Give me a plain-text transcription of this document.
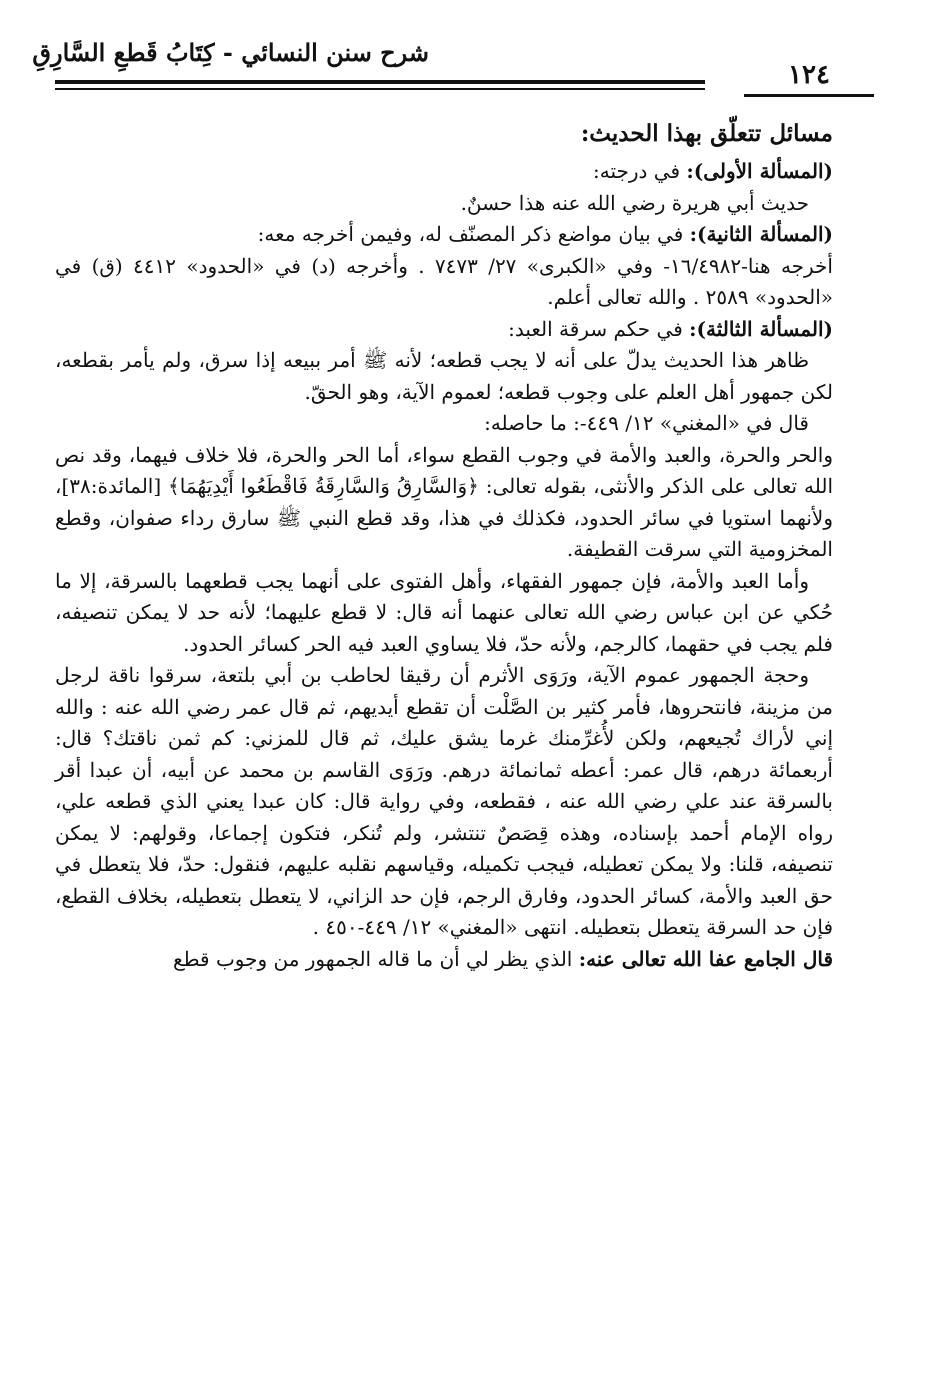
شرح سنن النسائي - كِتَابُ قَطعِ السَّارِقِ
١٢٤

مسائل تتعلّق بهذا الحديث:

(المسألة الأولى): في درجته:

حديث أبي هريرة رضي الله عنه هذا حسنٌ.

(المسألة الثانية): في بيان مواضع ذكر المصنّف له، وفيمن أخرجه معه:

أخرجه هنا-١٦/٤٩٨٢- وفي «الكبرى» ٢٧/ ٧٤٧٣ . وأخرجه (د) في «الحدود» ٤٤١٢ (ق) في «الحدود» ٢٥٨٩ . والله تعالى أعلم.

(المسألة الثالثة): في حكم سرقة العبد:

ظاهر هذا الحديث يدلّ على أنه لا يجب قطعه؛ لأنه ﷺ أمر ببيعه إذا سرق، ولم يأمر بقطعه، لكن جمهور أهل العلم على وجوب قطعه؛ لعموم الآية، وهو الحقّ.

قال في «المغني» ١٢/ ٤٤٩-: ما حاصله:

والحر والحرة، والعبد والأمة في وجوب القطع سواء، أما الحر والحرة، فلا خلاف فيهما، وقد نص الله تعالى على الذكر والأنثى، بقوله تعالى: ﴿وَالسَّارِقُ وَالسَّارِقَةُ فَاقْطَعُوا أَيْدِيَهُمَا﴾ [المائدة:٣٨]، ولأنهما استويا في سائر الحدود، فكذلك في هذا، وقد قطع النبي ﷺ سارق رداء صفوان، وقطع المخزومية التي سرقت القطيفة.

وأما العبد والأمة، فإن جمهور الفقهاء، وأهل الفتوى على أنهما يجب قطعهما بالسرقة، إلا ما حُكي عن ابن عباس رضي الله تعالى عنهما أنه قال: لا قطع عليهما؛ لأنه حد لا يمكن تنصيفه، فلم يجب في حقهما، كالرجم، ولأنه حدّ، فلا يساوي العبد فيه الحر كسائر الحدود.

وحجة الجمهور عموم الآية، ورَوَى الأثرم أن رقيقا لحاطب بن أبي بلتعة، سرقوا ناقة لرجل من مزينة، فانتحروها، فأمر كثير بن الصَّلْت أن تقطع أيديهم، ثم قال عمر رضي الله عنه : والله إني لأراك تُجيعهم، ولكن لأُغرِّمنك غرما يشق عليك، ثم قال للمزني: كم ثمن ناقتك؟ قال: أربعمائة درهم، قال عمر: أعطه ثمانمائة درهم. ورَوَى القاسم بن محمد عن أبيه، أن عبدا أقر بالسرقة عند علي رضي الله عنه ، فقطعه، وفي رواية قال: كان عبدا يعني الذي قطعه علي، رواه الإمام أحمد بإسناده، وهذه قِصَصٌ تنتشر، ولم تُنكر، فتكون إجماعا، وقولهم: لا يمكن تنصيفه، قلنا: ولا يمكن تعطيله، فيجب تكميله، وقياسهم نقلبه عليهم، فنقول: حدّ، فلا يتعطل في حق العبد والأمة، كسائر الحدود، وفارق الرجم، فإن حد الزاني، لا يتعطل بتعطيله، بخلاف القطع، فإن حد السرقة يتعطل بتعطيله. انتهى «المغني» ١٢/ ٤٤٩-٤٥٠ .

قال الجامع عفا الله تعالى عنه: الذي يظر لي أن ما قاله الجمهور من وجوب قطع
